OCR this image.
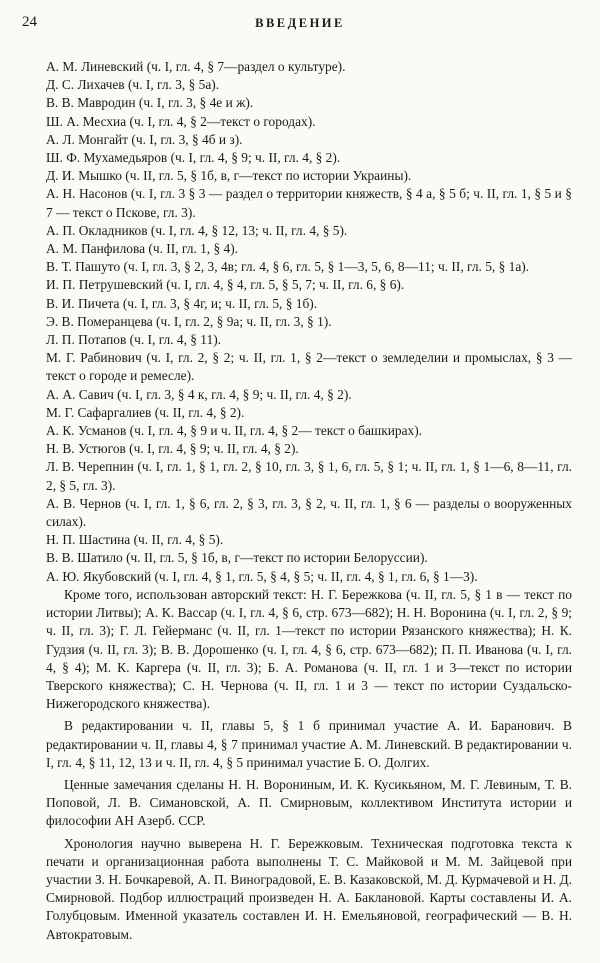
24	ВВЕДЕНИЕ

А. М. Линевский (ч. I, гл. 4, § 7—раздел о культуре).

Д. С. Лихачев (ч. I, гл. 3, § 5а).

В. В. Мавродин (ч. I, гл. 3, § 4е и ж).

Ш. А. Месхиа (ч. I, гл. 4, § 2—текст о городах).

А. Л. Монгайт (ч. I, гл. 3, § 4б и з).

Ш. Ф. Мухамедьяров (ч. I, гл. 4, § 9; ч. II, гл. 4, § 2).

Д. И. Мышко (ч. II, гл. 5, § 1б, в, г—текст по истории Украины).

А. Н. Насонов (ч. I, гл. 3 § 3 — раздел о территории княжеств, § 4 а, § 5 б; ч. II, гл. 1, § 5 и § 7 — текст о Пскове, гл. 3).

А. П. Окладников (ч. I, гл. 4, § 12, 13; ч. II, гл. 4, § 5).

А. М. Панфилова (ч. II, гл. 1, § 4).

В. Т. Пашуто (ч. I, гл. 3, § 2, 3, 4в; гл. 4, § 6, гл. 5, § 1—3, 5, 6, 8—11; ч. II, гл. 5, § 1а).

И. П. Петрушевский (ч. I, гл. 4, § 4, гл. 5, § 5, 7; ч. II, гл. 6, § 6).

В. И. Пичета (ч. I, гл. 3, § 4г, и; ч. II, гл. 5, § 1б).

Э. В. Померанцева (ч. I, гл. 2, § 9а; ч. II, гл. 3, § 1).

Л. П. Потапов (ч. I, гл. 4, § 11).

М. Г. Рабинович (ч. I, гл. 2, § 2; ч. II, гл. 1, § 2—текст о земледелии и промыслах, § 3 — текст о городе и ремесле).

А. А. Савич (ч. I, гл. 3, § 4 к, гл. 4, § 9; ч. II, гл. 4, § 2).

М. Г. Сафаргалиев (ч. II, гл. 4, § 2).

А. К. Усманов (ч. I, гл. 4, § 9 и ч. II, гл. 4, § 2— текст о башкирах).

Н. В. Устюгов (ч. I, гл. 4, § 9; ч. II, гл. 4, § 2).

Л. В. Черепнин (ч. I, гл. 1, § 1, гл. 2, § 10, гл. 3, § 1, 6, гл. 5, § 1; ч. II, гл. 1, § 1—6, 8—11, гл. 2, § 5, гл. 3).

А. В. Чернов (ч. I, гл. 1, § 6, гл. 2, § 3, гл. 3, § 2, ч. II, гл. 1, § 6 — разделы о вооруженных силах).

Н. П. Шастина (ч. II, гл. 4, § 5).

В. В. Шатило (ч. II, гл. 5, § 1б, в, г—текст по истории Белоруссии).

А. Ю. Якубовский (ч. I, гл. 4, § 1, гл. 5, § 4, § 5; ч. II, гл. 4, § 1, гл. 6, § 1—3).

Кроме того, использован авторский текст: Н. Г. Бережкова (ч. II, гл. 5, § 1 в — текст по истории Литвы); А. К. Вассар (ч. I, гл. 4, § 6, стр. 673—682); Н. Н. Воронина (ч. I, гл. 2, § 9; ч. II, гл. 3); Г. Л. Гейерманс (ч. II, гл. 1—текст по истории Рязанского княжества); Н. К. Гудзия (ч. II, гл. 3); В. В. Дорошенко (ч. I, гл. 4, § 6, стр. 673—682); П. П. Иванова (ч. I, гл. 4, § 4); М. К. Каргера (ч. II, гл. 3); Б. А. Романова (ч. II, гл. 1 и 3—текст по истории Тверского княжества); С. Н. Чернова (ч. II, гл. 1 и 3 — текст по истории Суздальско-Нижегородского княжества).

В редактировании ч. II, главы 5, § 1 б принимал участие А. И. Баранович. В редактировании ч. II, главы 4, § 7 принимал участие А. М. Линевский. В редактировании ч. I, гл. 4, § 11, 12, 13 и ч. II, гл. 4, § 5 принимал участие Б. О. Долгих.

Ценные замечания сделаны Н. Н. Ворониным, И. К. Кусикьяном, М. Г. Левиным, Т. В. Поповой, Л. В. Симановской, А. П. Смирновым, коллективом Института истории и философии АН Азерб. ССР.

Хронология научно выверена Н. Г. Бережковым. Техническая подготовка текста к печати и организационная работа выполнены Т. С. Майковой и М. М. Зайцевой при участии З. Н. Бочкаревой, А. П. Виноградовой, Е. В. Казаковской, М. Д. Курмачевой и Н. Д. Смирновой. Подбор иллюстраций произведен Н. А. Баклановой. Карты составлены И. А. Голубцовым. Именной указатель составлен И. Н. Емельяновой, географический — В. Н. Автократовым.
